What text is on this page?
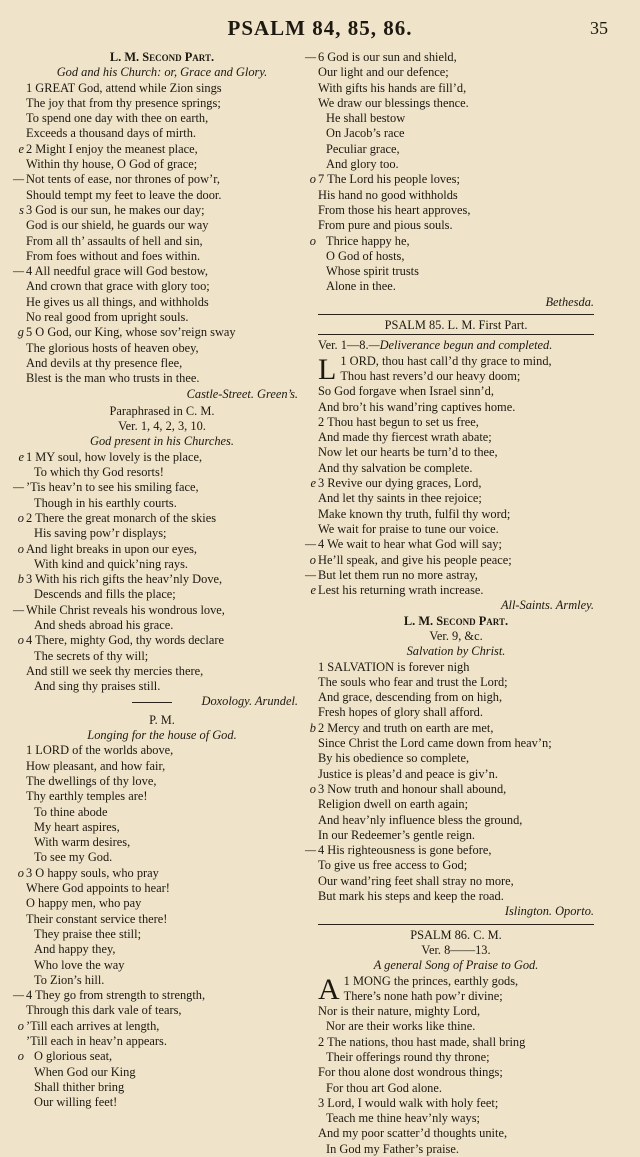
PSALM 84, 85, 86.	35
L. M. Second Part.
God and his Church: or, Grace and Glory.
1 GREAT God, attend while Zion sings
The joy that from thy presence springs;
To spend one day with thee on earth,
Exceeds a thousand days of mirth.
e 2 Might I enjoy the meanest place,
Within thy house, O God of grace;
— Not tents of ease, nor thrones of pow’r,
Should tempt my feet to leave the door.
s 3 God is our sun, he makes our day;
God is our shield, he guards our way
From all th’ assaults of hell and sin,
From foes without and foes within.
— 4 All needful grace will God bestow,
And crown that grace with glory too;
He gives us all things, and withholds
No real good from upright souls.
g 5 O God, our King, whose sov’reign sway
The glorious hosts of heaven obey,
And devils at thy presence flee,
Blest is the man who trusts in thee.
Castle-Street. Green’s.
Paraphrased in C. M.
Ver. 1, 4, 2, 3, 10.
God present in his Churches.
e 1 MY soul, how lovely is the place,
To which thy God resorts!
— ’Tis heav’n to see his smiling face,
Though in his earthly courts.
o 2 There the great monarch of the skies
His saving pow’r displays;
o And light breaks in upon our eyes,
With kind and quick’ning rays.
b 3 With his rich gifts the heav’nly Dove,
Descends and fills the place;
— While Christ reveals his wondrous love,
And sheds abroad his grace.
o 4 There, mighty God, thy words declare
The secrets of thy will;
And still we seek thy mercies there,
And sing thy praises still.
Doxology. Arundel.
P. M.
Longing for the house of God.
1 LORD of the worlds above,
How pleasant, and how fair,
The dwellings of thy love,
Thy earthly temples are!
To thine abode
My heart aspires,
With warm desires,
To see my God.
o 3 O happy souls, who pray
Where God appoints to hear!
O happy men, who pay
Their constant service there!
They praise thee still;
And happy they,
Who love the way
To Zion’s hill.
— 4 They go from strength to strength,
Through this dark vale of tears,
o ’Till each arrives at length,
’Till each in heav’n appears.
o O glorious seat,
When God our King
Shall thither bring
Our willing feet!
— 6 God is our sun and shield,
Our light and our defence;
With gifts his hands are fill’d,
We draw our blessings thence.
He shall bestow
On Jacob’s race
Peculiar grace,
And glory too.
o 7 The Lord his people loves;
His hand no good withholds
From those his heart approves,
From pure and pious souls.
o Thrice happy he,
O God of hosts,
Whose spirit trusts
Alone in thee.
Bethesda.
PSALM 85. L. M. First Part.
Ver. 1—8.—Deliverance begun and completed.
L 1 ORD, thou hast call’d thy grace to mind,
Thou hast revers’d our heavy doom;
So God forgave when Israel sinn’d,
And bro’t his wand’ring captives home.
2 Thou hast begun to set us free,
And made thy fiercest wrath abate;
Now let our hearts be turn’d to thee,
And thy salvation be complete.
e 3 Revive our dying graces, Lord,
And let thy saints in thee rejoice;
Make known thy truth, fulfil thy word;
We wait for praise to tune our voice.
— 4 We wait to hear what God will say;
o He’ll speak, and give his people peace;
— But let them run no more astray,
e Lest his returning wrath increase.
All-Saints. Armley.
L. M. Second Part.
Ver. 9, &c.
Salvation by Christ.
1 SALVATION is forever nigh
The souls who fear and trust the Lord;
And grace, descending from on high,
Fresh hopes of glory shall afford.
b 2 Mercy and truth on earth are met,
Since Christ the Lord came down from heav’n;
By his obedience so complete,
Justice is pleas’d and peace is giv’n.
o 3 Now truth and honour shall abound,
Religion dwell on earth again;
And heav’nly influence bless the ground,
In our Redeemer’s gentle reign.
— 4 His righteousness is gone before,
To give us free access to God;
Our wand’ring feet shall stray no more,
But mark his steps and keep the road.
Islington. Oporto.
PSALM 86. C. M.
Ver. 8——13.
A general Song of Praise to God.
A 1 MONG the princes, earthly gods,
There’s none hath pow’r divine;
Nor is their nature, mighty Lord,
Nor are their works like thine.
2 The nations, thou hast made, shall bring
Their offerings round thy throne;
For thou alone dost wondrous things;
For thou art God alone.
3 Lord, I would walk with holy feet;
Teach me thine heav’nly ways;
And my poor scatter’d thoughts unite,
In God my Father’s praise.
